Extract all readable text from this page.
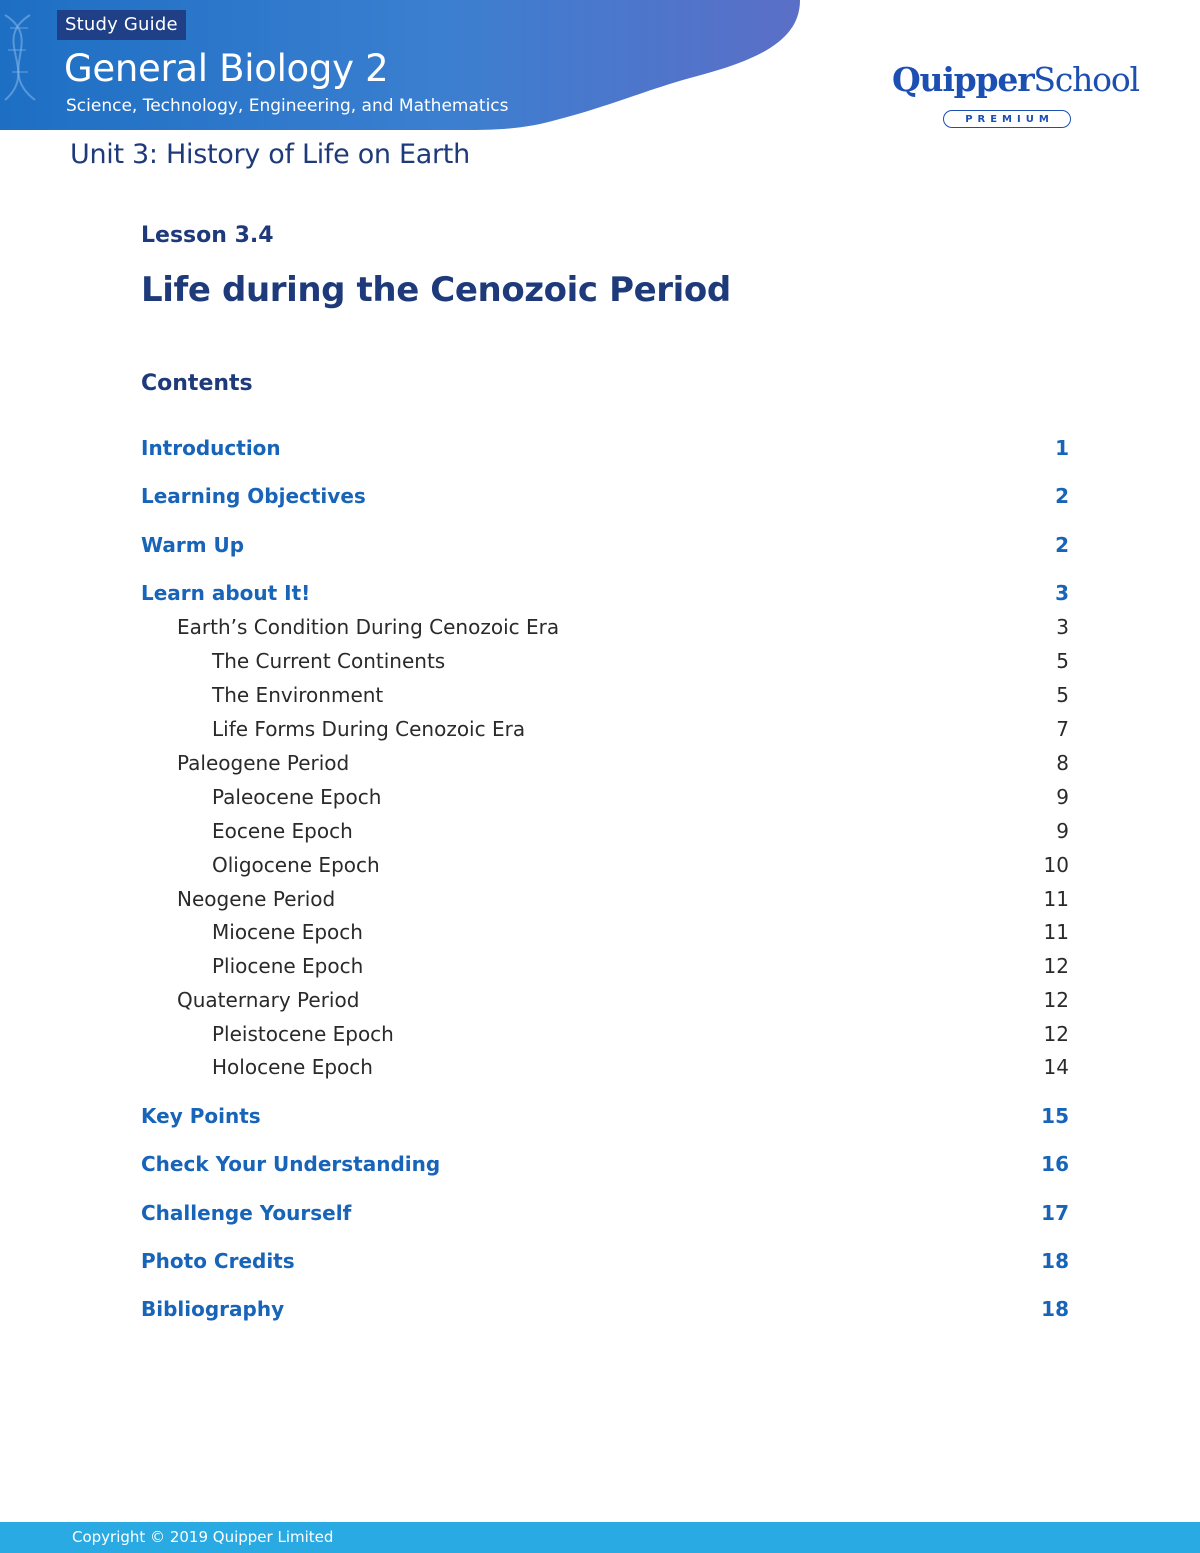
Study Guide
General Biology 2
Science, Technology, Engineering, and Mathematics
QuipperSchool
PREMIUM
Unit 3: History of Life on Earth
Lesson 3.4
Life during the Cenozoic Period
Contents
Introduction	1
Learning Objectives	2
Warm Up	2
Learn about It!	3
Earth’s Condition During Cenozoic Era	3
The Current Continents	5
The Environment	5
Life Forms During Cenozoic Era	7
Paleogene Period	8
Paleocene Epoch	9
Eocene Epoch	9
Oligocene Epoch	10
Neogene Period	11
Miocene Epoch	11
Pliocene Epoch	12
Quaternary Period	12
Pleistocene Epoch	12
Holocene Epoch	14
Key Points	15
Check Your Understanding	16
Challenge Yourself	17
Photo Credits	18
Bibliography	18
Copyright © 2019 Quipper Limited
